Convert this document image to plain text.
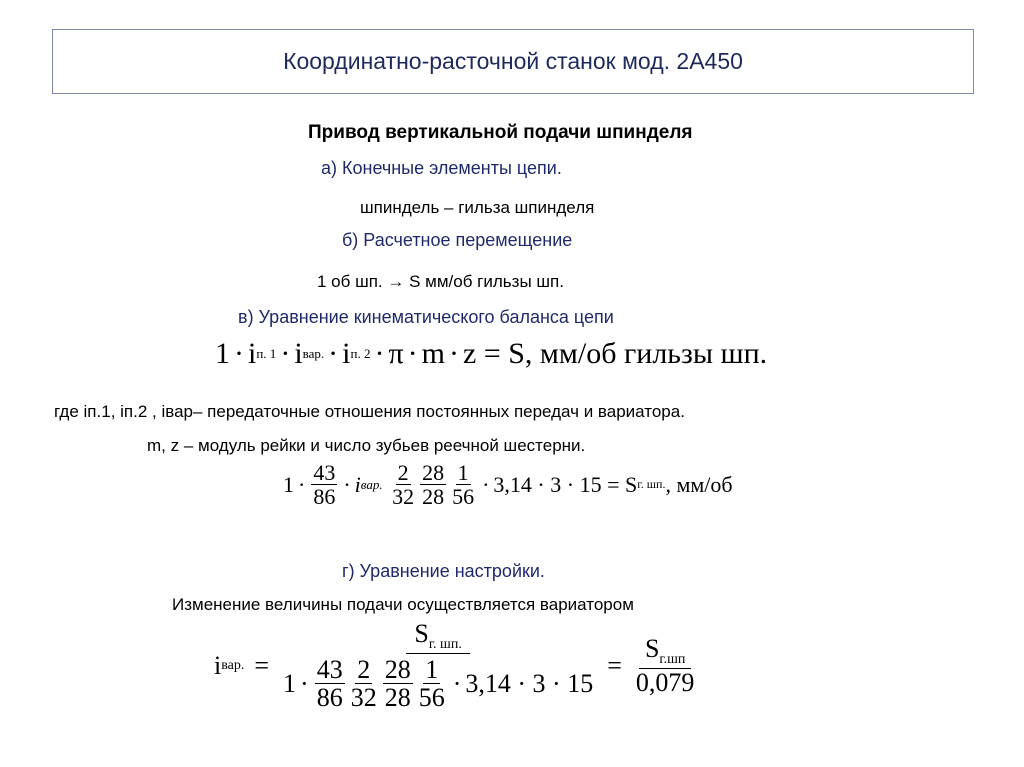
Координатно-расточной станок мод. 2А450
Привод вертикальной подачи шпинделя
а) Конечные элементы цепи.
шпиндель – гильза шпинделя
б) Расчетное перемещение
1 об шп. → S мм/об гильзы шп.
в) Уравнение кинематического баланса цепи
1 · i п. 1 · i вар. · i п. 2 · π · m · z
= S, мм/об гильзы шп.
где iп.1, iп.2 , iвар– передаточные отношения постоянных передач и вариатора.
m, z – модуль рейки и число зубьев реечной шестерни.
$1 \cdot \frac{43}{86} \cdot i$ вар.
$\frac{2}{32} \frac{28}{28} \frac{1}{56} \cdot 3,14 \cdot 3 \cdot 15 = S$ г. шп. , мм/об
г) Уравнение настройки.
Изменение величины подачи осуществляется вариатором
i вар. =
$S_{г. шп.}$
$1 \cdot \frac{43}{86} \frac{2}{32} \frac{28}{28} \frac{1}{56} \cdot 3,14 \cdot 3 \cdot 15$
= $\frac{S_{г.шп}}{0,079}$
